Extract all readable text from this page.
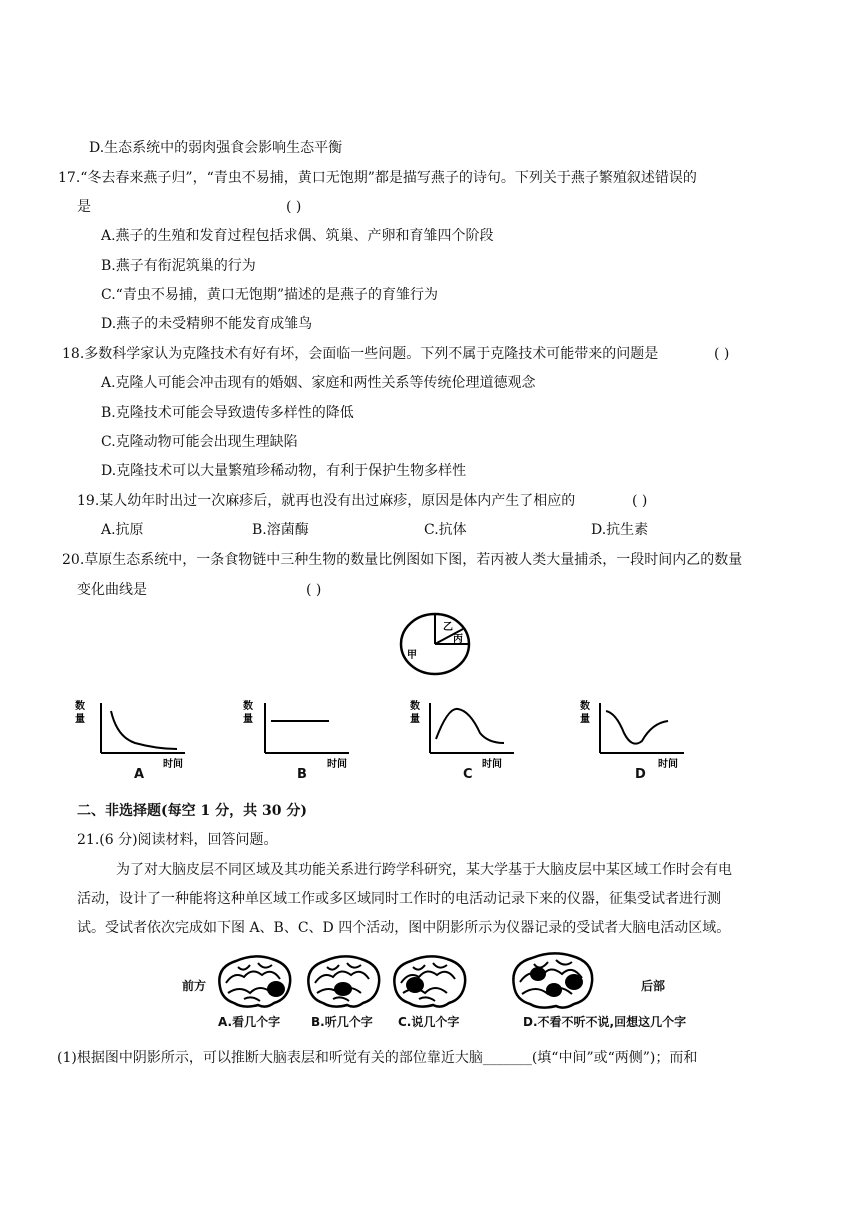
D.生态系统中的弱肉强食会影响生态平衡
17.“冬去春来燕子归”，“青虫不易捕，黄口无饱期”都是描写燕子的诗句。下列关于燕子繁殖叙述错误的
是	( )
A.燕子的生殖和发育过程包括求偶、筑巢、产卵和育雏四个阶段
B.燕子有衔泥筑巢的行为
C.“青虫不易捕，黄口无饱期”描述的是燕子的育雏行为
D.燕子的未受精卵不能发育成雏鸟
18.多数科学家认为克隆技术有好有坏，会面临一些问题。下列不属于克隆技术可能带来的问题是	( )
A.克隆人可能会冲击现有的婚姻、家庭和两性关系等传统伦理道德观念
B.克隆技术可能会导致遗传多样性的降低
C.克隆动物可能会出现生理缺陷
D.克隆技术可以大量繁殖珍稀动物，有利于保护生物多样性
19.某人幼年时出过一次麻疹后，就再也没有出过麻疹，原因是体内产生了相应的	( )
A.抗原	B.溶菌酶	C.抗体	D.抗生素
20.草原生态系统中，一条食物链中三种生物的数量比例图如下图，若丙被人类大量捕杀，一段时间内乙的数量
变化曲线是	( )
乙
丙
甲
数
量
时间
A
数
量
时间
B
数
量
时间
C
数
量
时间
D
二、非选择题(每空 1 分，共 30 分)
21.(6 分)阅读材料，回答问题。
为了对大脑皮层不同区域及其功能关系进行跨学科研究，某大学基于大脑皮层中某区域工作时会有电
活动，设计了一种能将这种单区域工作或多区域同时工作时的电活动记录下来的仪器，征集受试者进行测
试。受试者依次完成如下图 A、B、C、D 四个活动，图中阴影所示为仪器记录的受试者大脑电活动区域。
前方	后部
A.看几个字	B.听几个字 C.说几个字	D.不看不听不说,回想这几个字
(1)根据图中阴影所示，可以推断大脑表层和听觉有关的部位靠近大脑_______(填“中间”或“两侧”)；而和
